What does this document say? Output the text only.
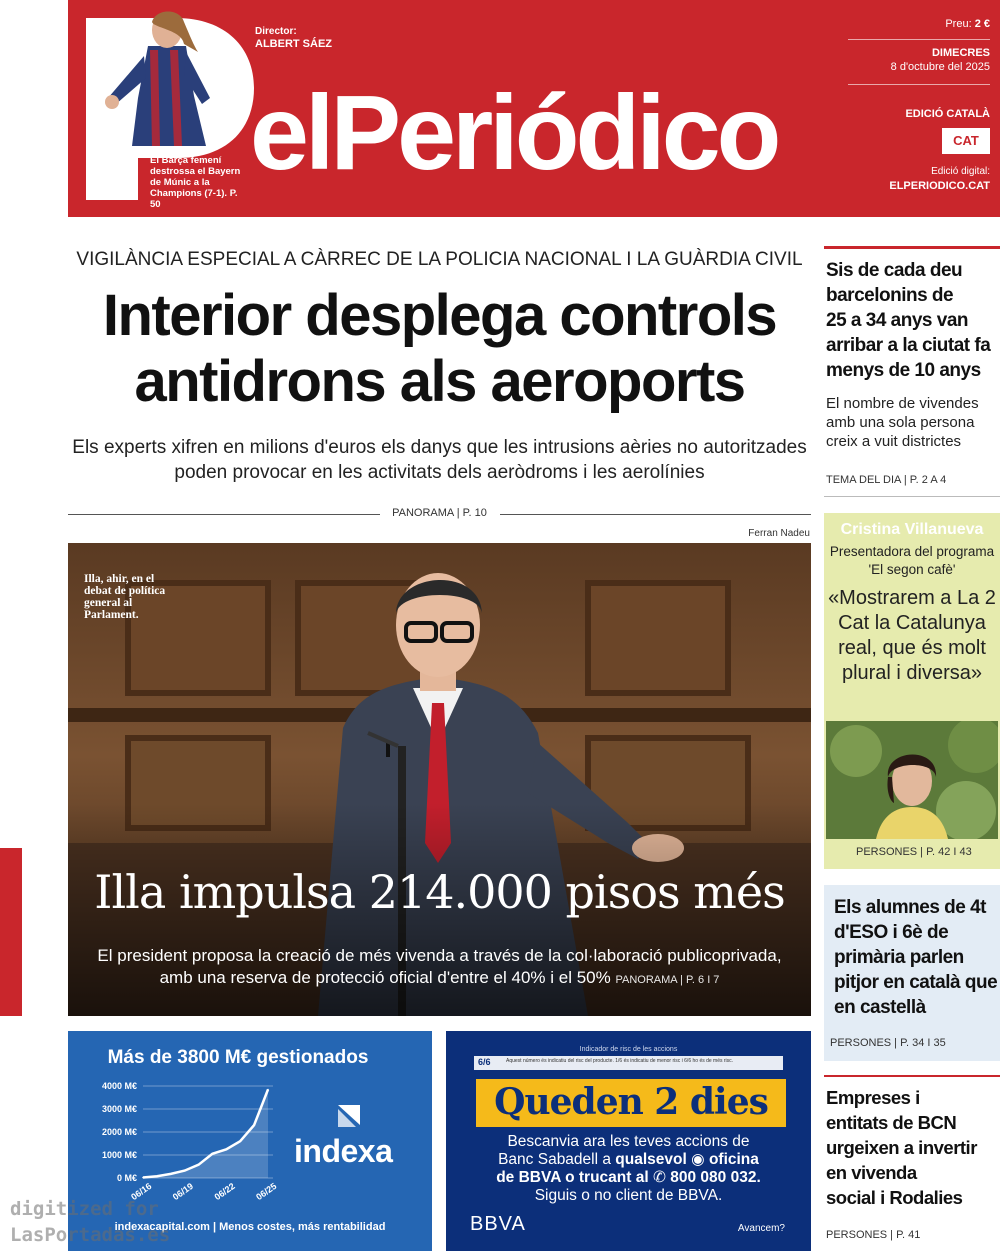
El Barça femení destrossa el Bayern de Múnic a la Champions (7-1). P. 50
Director:
ALBERT SÁEZ
elPeriódico
Preu: 2 €
DIMECRES
8 d'octubre del 2025
EDICIÓ CATALÀ
CAT
Edició digital:
ELPERIODICO.CAT
VIGILÀNCIA ESPECIAL A CÀRREC DE LA POLICIA NACIONAL I LA GUÀRDIA CIVIL
Interior desplega controls antidrons als aeroports
Els experts xifren en milions d'euros els danys que les intrusions aèries no autoritzades poden provocar en les activitats dels aeròdroms i les aerolínies
PANORAMA | P. 10
Ferran Nadeu
Illa, ahir, en el debat de política general al Parlament.
Illa impulsa 214.000 pisos més
El president proposa la creació de més vivenda a través de la col·laboració publicoprivada, amb una reserva de protecció oficial d'entre el 40% i el 50% PANORAMA | P. 6 I 7
Sis de cada deu
barcelonins de
25 a 34 anys van
arribar a la ciutat fa
menys de 10 anys
El nombre de vivendes amb una sola persona creix a vuit districtes
TEMA DEL DIA | P. 2 A 4
Cristina Villanueva
Presentadora del programa 'El segon cafè'
«Mostrarem a La 2 Cat la Catalunya real, que és molt plural i diversa»
PERSONES | P. 42 I 43
Els alumnes de 4t d'ESO i 6è de primària parlen pitjor en català que en castellà
PERSONES | P. 34 I 35
Empreses i
entitats de BCN
urgeixen a invertir
en vivenda
social i Rodalies
PERSONES | P. 41
Más de 3800 M€ gestionados
4000 M€
3000 M€
2000 M€
1000 M€
0 M€
06/16 06/19 06/22 06/25
indexa
indexacapital.com | Menos costes, más rentabilidad
Indicador de risc de les accions
6/6	Aquest número és indicatiu del risc del producte. 1/6 és indicatiu de menor risc i 6/6 ho és de més risc.
Queden 2 dies
Bescanvia ara les teves accions de
Banc Sabadell a qualsevol ◉ oficina
de BBVA o trucant al ✆ 800 080 032.
Siguis o no client de BBVA.
BBVA	Avancem?
digitized for
LasPortadas.es
